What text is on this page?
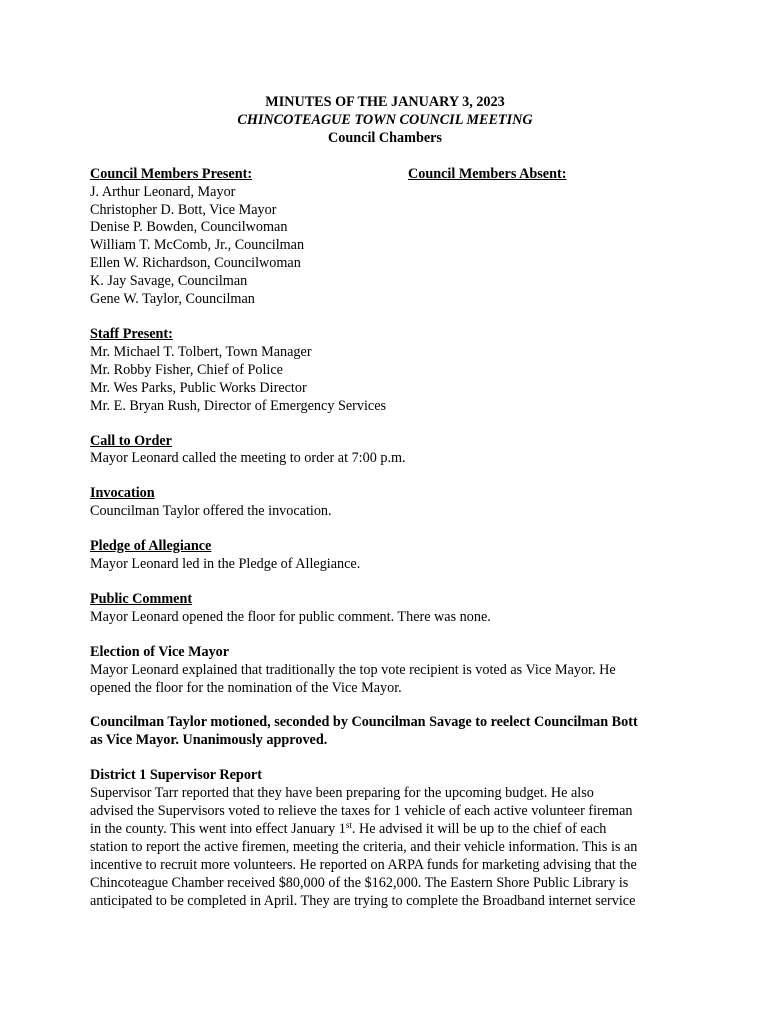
MINUTES OF THE JANUARY 3, 2023
CHINCOTEAGUE TOWN COUNCIL MEETING
Council Chambers
Council Members Absent:
Council Members Present:
J. Arthur Leonard, Mayor
Christopher D. Bott, Vice Mayor
Denise P. Bowden, Councilwoman
William T. McComb, Jr., Councilman
Ellen W. Richardson, Councilwoman
K. Jay Savage, Councilman
Gene W. Taylor, Councilman
Staff Present:
Mr. Michael T. Tolbert, Town Manager
Mr. Robby Fisher, Chief of Police
Mr. Wes Parks, Public Works Director
Mr. E. Bryan Rush, Director of Emergency Services
Call to Order
Mayor Leonard called the meeting to order at 7:00 p.m.
Invocation
Councilman Taylor offered the invocation.
Pledge of Allegiance
Mayor Leonard led in the Pledge of Allegiance.
Public Comment
Mayor Leonard opened the floor for public comment. There was none.
Election of Vice Mayor
Mayor Leonard explained that traditionally the top vote recipient is voted as Vice Mayor. He
opened the floor for the nomination of the Vice Mayor.
Councilman Taylor motioned, seconded by Councilman Savage to reelect Councilman Bott
as Vice Mayor. Unanimously approved.
District 1 Supervisor Report
Supervisor Tarr reported that they have been preparing for the upcoming budget. He also
advised the Supervisors voted to relieve the taxes for 1 vehicle of each active volunteer fireman
in the county. This went into effect January 1st. He advised it will be up to the chief of each
station to report the active firemen, meeting the criteria, and their vehicle information. This is an
incentive to recruit more volunteers. He reported on ARPA funds for marketing advising that the
Chincoteague Chamber received $80,000 of the $162,000. The Eastern Shore Public Library is
anticipated to be completed in April. They are trying to complete the Broadband internet service
